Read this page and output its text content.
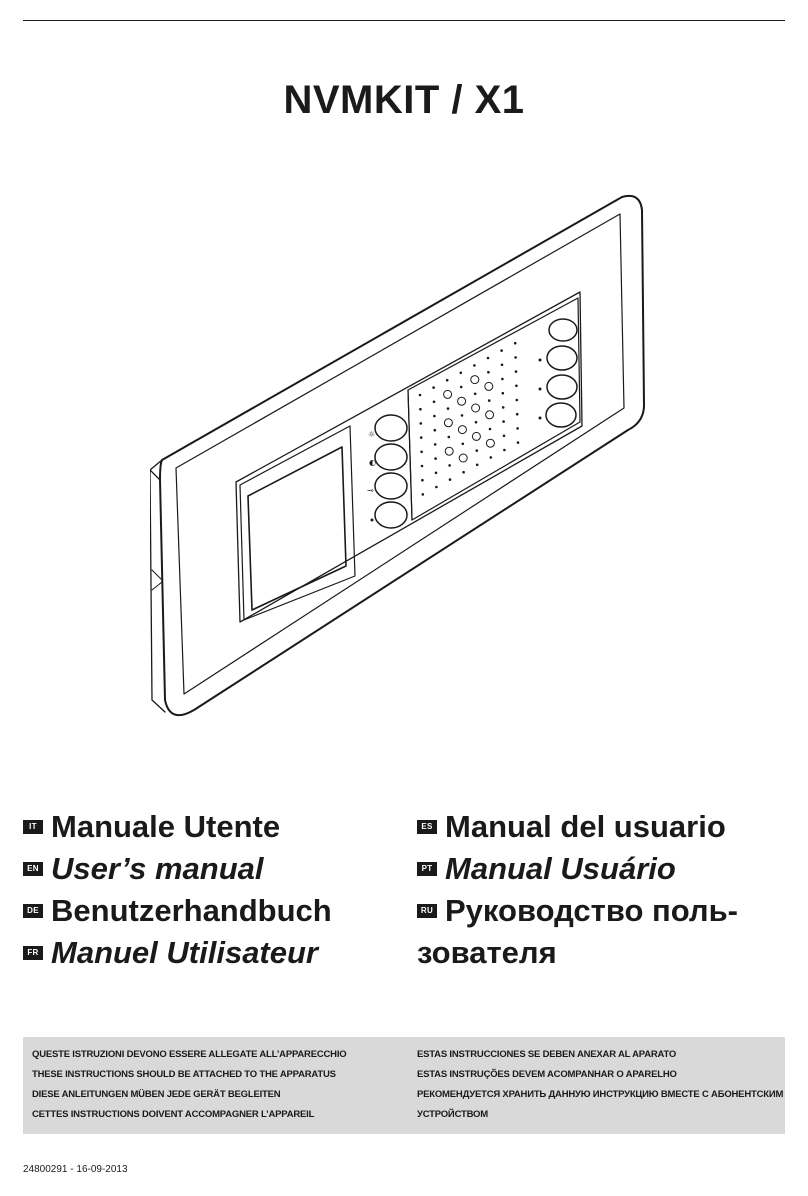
NVMKIT / X1
☼
◐
⊸
IT Manuale Utente
EN User’s manual
DE Benutzerhandbuch
FR Manuel Utilisateur
ES Manual del usuario
PT Manual Usuário
RU Руководство поль-
зователя
QUESTE ISTRUZIONI DEVONO ESSERE ALLEGATE ALL’APPARECCHIO
THESE INSTRUCTIONS SHOULD BE ATTACHED TO THE APPARATUS
DIESE ANLEITUNGEN MÜBEN JEDE GERÄT BEGLEITEN
CETTES INSTRUCTIONS DOIVENT ACCOMPAGNER L’APPAREIL
ESTAS INSTRUCCIONES SE DEBEN ANEXAR AL APARATO
ESTAS INSTRUÇÕES DEVEM ACOMPANHAR O APARELHO
РЕКОМЕНДУЕТСЯ ХРАНИТЬ ДАННУЮ ИНСТРУКЦИЮ ВМЕСТЕ С АБОНЕНТСКИМ
УСТРОЙСТВОМ
24800291 - 16-09-2013
